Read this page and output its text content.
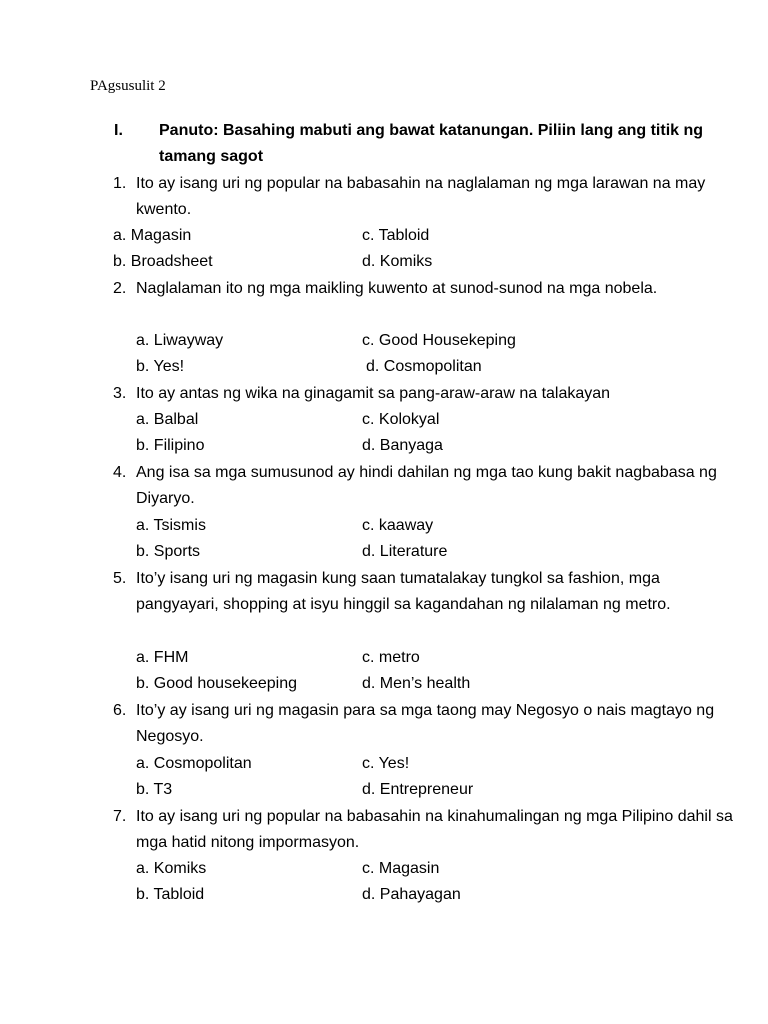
PAgsusulit 2
I. Panuto: Basahing mabuti ang bawat katanungan. Piliin lang ang titik ng tamang sagot
1. Ito ay isang uri ng popular na babasahin na naglalaman ng mga larawan na may kwento.
a. Magasin
b. Broadsheet
c. Tabloid
d. Komiks
2. Naglalaman ito ng mga maikling kuwento at sunod-sunod na mga nobela.
a. Liwayway
b. Yes!
c. Good Housekeping
d. Cosmopolitan
3. Ito ay antas ng wika na ginagamit sa pang-araw-araw na talakayan
a. Balbal
b. Filipino
c. Kolokyal
d. Banyaga
4. Ang isa sa mga sumusunod ay hindi dahilan ng mga tao kung bakit nagbabasa ng Diyaryo.
a. Tsismis
b. Sports
c. kaaway
d. Literature
5. Ito’y isang uri ng magasin kung saan tumatalakay tungkol sa fashion, mga pangyayari, shopping at isyu hinggil sa kagandahan ng nilalaman ng metro.
a. FHM
b. Good housekeeping
c. metro
d. Men’s health
6. Ito’y ay isang uri ng magasin para sa mga taong may Negosyo o nais magtayo ng Negosyo.
a. Cosmopolitan
b. T3
c. Yes!
d. Entrepreneur
7. Ito ay isang uri ng popular na babasahin na kinahumalingan ng mga Pilipino dahil sa mga hatid nitong impormasyon.
a. Komiks
b. Tabloid
c. Magasin
d. Pahayagan
